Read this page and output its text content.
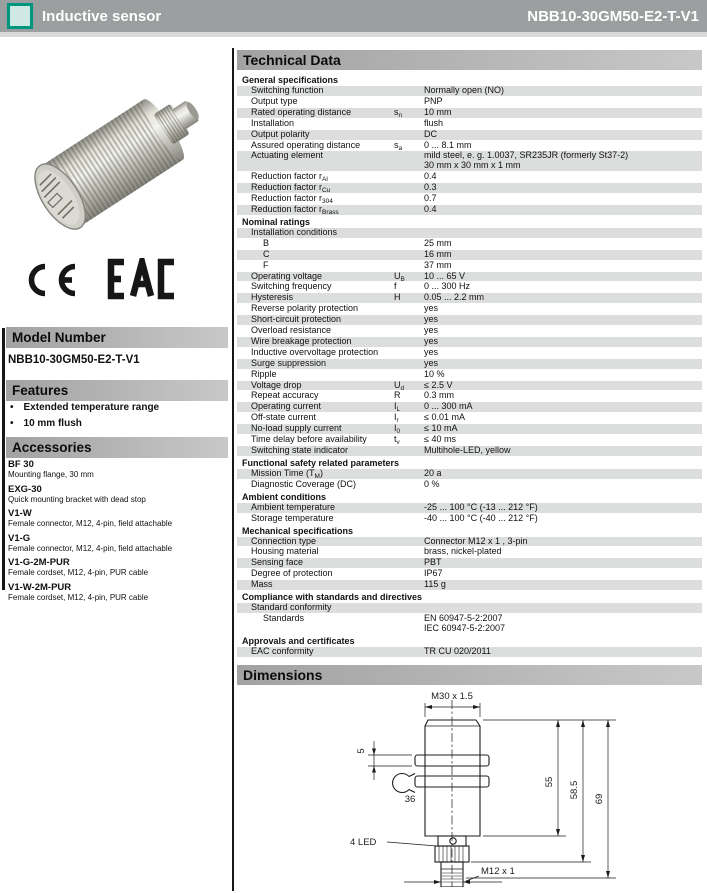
Inductive sensor	NBB10-30GM50-E2-T-V1
Model Number
NBB10-30GM50-E2-T-V1
Features
• Extended temperature range
• 10 mm flush
Accessories
BF 30
Mounting flange, 30 mm
EXG-30
Quick mounting bracket with dead stop
V1-W
Female connector, M12, 4-pin, field attachable
V1-G
Female connector, M12, 4-pin, field attachable
V1-G-2M-PUR
Female cordset, M12, 4-pin, PUR cable
V1-W-2M-PUR
Female cordset, M12, 4-pin, PUR cable
Technical Data
General specifications
Switching function	Normally open (NO)
Output type	PNP
Rated operating distance	$s_n$	10 mm
Installation	flush
Output polarity	DC
Assured operating distance	$s_a$	0 ... 8.1 mm
Actuating element	mild steel, e. g. 1.0037, SR235JR (formerly St37-2)
30 mm x 30 mm x 1 mm
Reduction factor $r_{Al}$	0.4
Reduction factor $r_{Cu}$	0.3
Reduction factor $r_{304}$	0.7
Reduction factor $r_{Brass}$	0.4
Nominal ratings
Installation conditions
B	25 mm
C	16 mm
F	37 mm
Operating voltage	$U_B$	10 ... 65 V
Switching frequency	f	0 ... 300 Hz
Hysteresis	H	0.05 ... 2.2 mm
Reverse polarity protection	yes
Short-circuit protection	yes
Overload resistance	yes
Wire breakage protection	yes
Inductive overvoltage protection	yes
Surge suppression	yes
Ripple	10 %
Voltage drop	$U_d$	≤ 2.5 V
Repeat accuracy	R	0.3 mm
Operating current	$I_L$	0 ... 300 mA
Off-state current	$I_r$	≤ 0.01 mA
No-load supply current	$I_0$	≤ 10 mA
Time delay before availability	$t_v$	≤ 40 ms
Switching state indicator	Multihole-LED, yellow
Functional safety related parameters
Mission Time $(T_M)$	20 a
Diagnostic Coverage (DC)	0 %
Ambient conditions
Ambient temperature	-25 ... 100 °C (-13 ... 212 °F)
Storage temperature	-40 ... 100 °C (-40 ... 212 °F)
Mechanical specifications
Connection type	Connector M12 x 1 , 3-pin
Housing material	brass, nickel-plated
Sensing face	PBT
Degree of protection	IP67
Mass	115 g
Compliance with standards and directives
Standard conformity
Standards	EN 60947-5-2:2007
IEC 60947-5-2:2007
Approvals and certificates
EAC conformity	TR CU 020/2011
Dimensions
M30 x 1.5
5
36
55 58.5 69
4 LED
M12 x 1
